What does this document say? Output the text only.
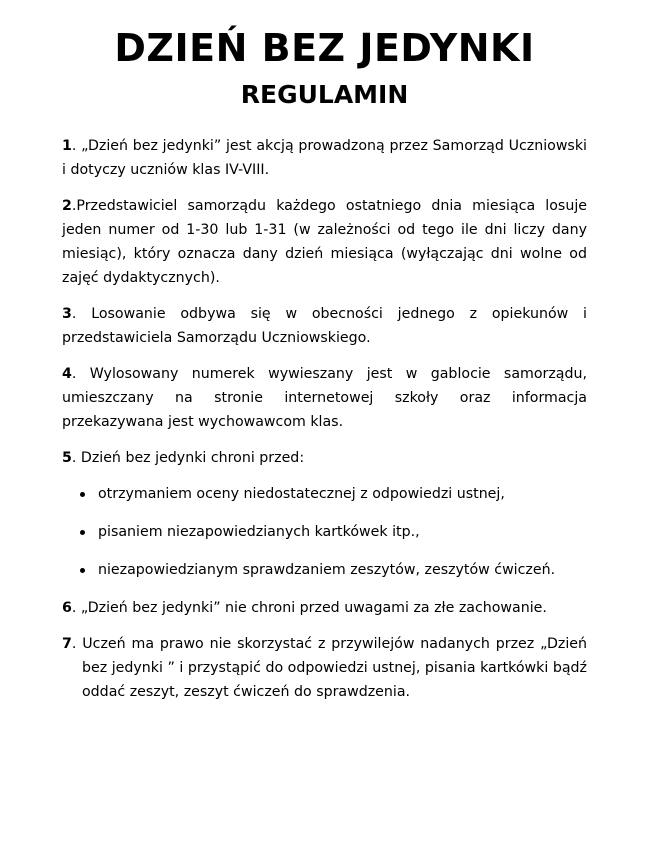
DZIEŃ BEZ JEDYNKI
REGULAMIN

1. „Dzień bez jedynki” jest akcją prowadzoną przez Samorząd Uczniowski i dotyczy uczniów klas IV-VIII.

2.Przedstawiciel samorządu każdego ostatniego dnia miesiąca losuje jeden numer od 1-30 lub 1-31 (w zależności od tego ile dni liczy dany miesiąc), który oznacza dany dzień miesiąca (wyłączając dni wolne od zajęć dydaktycznych).

3. Losowanie odbywa się w obecności jednego z opiekunów i przedstawiciela Samorządu Uczniowskiego.

4. Wylosowany numerek wywieszany jest w gablocie samorządu, umieszczany na stronie internetowej szkoły oraz informacja przekazywana jest wychowawcom klas.

5. Dzień bez jedynki chroni przed:

otrzymaniem oceny niedostatecznej z odpowiedzi ustnej,
pisaniem niezapowiedzianych kartkówek itp.,
niezapowiedzianym sprawdzaniem zeszytów, zeszytów ćwiczeń.

6. „Dzień bez jedynki” nie chroni przed uwagami za złe zachowanie.

7. Uczeń ma prawo nie skorzystać z przywilejów nadanych przez „Dzień bez jedynki ” i przystąpić do odpowiedzi ustnej, pisania kartkówki bądź oddać zeszyt, zeszyt ćwiczeń do sprawdzenia.
